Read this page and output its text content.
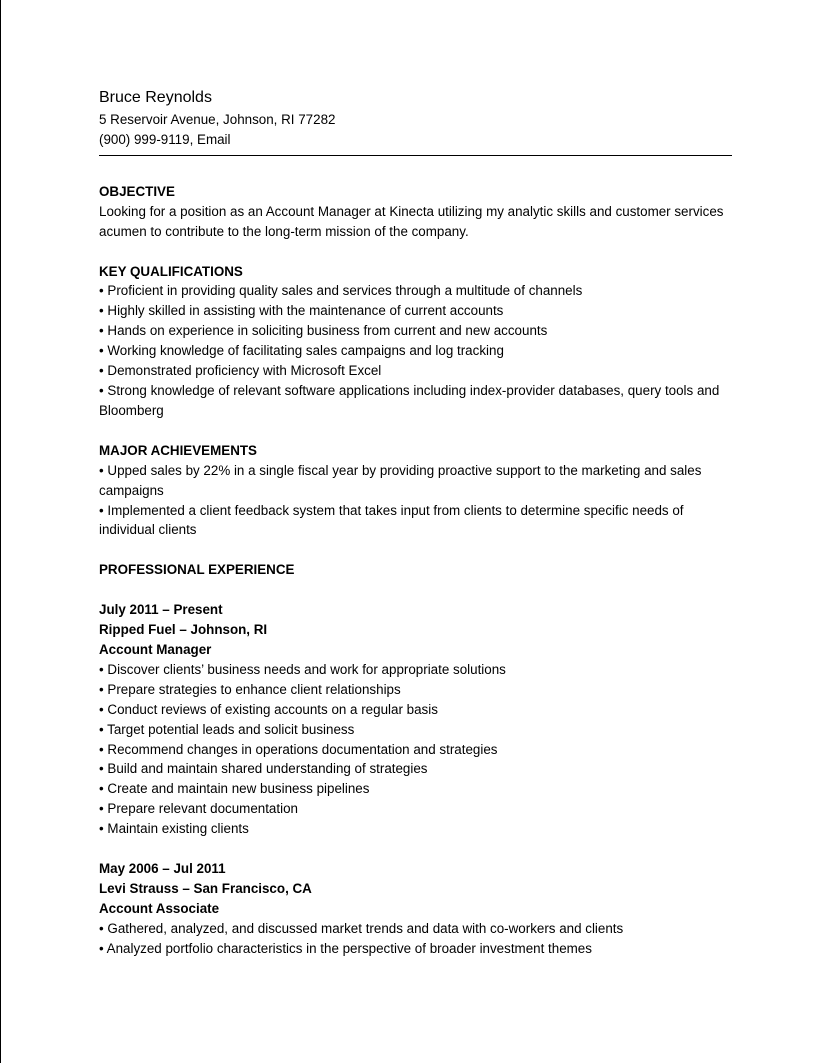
Bruce Reynolds

5 Reservoir Avenue, Johnson, RI 77282

(900) 999-9119, Email

OBJECTIVE

Looking for a position as an Account Manager at Kinecta utilizing my analytic skills and customer services acumen to contribute to the long-term mission of the company.

KEY QUALIFICATIONS

• Proficient in providing quality sales and services through a multitude of channels
• Highly skilled in assisting with the maintenance of current accounts
• Hands on experience in soliciting business from current and new accounts
• Working knowledge of facilitating sales campaigns and log tracking
• Demonstrated proficiency with Microsoft Excel
• Strong knowledge of relevant software applications including index-provider databases, query tools and Bloomberg

MAJOR ACHIEVEMENTS

• Upped sales by 22% in a single fiscal year by providing proactive support to the marketing and sales campaigns
• Implemented a client feedback system that takes input from clients to determine specific needs of individual clients

PROFESSIONAL EXPERIENCE

July 2011 – Present

Ripped Fuel – Johnson, RI

Account Manager

• Discover clients’ business needs and work for appropriate solutions
• Prepare strategies to enhance client relationships
• Conduct reviews of existing accounts on a regular basis
• Target potential leads and solicit business
• Recommend changes in operations documentation and strategies
• Build and maintain shared understanding of strategies
• Create and maintain new business pipelines
• Prepare relevant documentation
• Maintain existing clients

May 2006 – Jul 2011

Levi Strauss – San Francisco, CA

Account Associate

• Gathered, analyzed, and discussed market trends and data with co-workers and clients
• Analyzed portfolio characteristics in the perspective of broader investment themes
